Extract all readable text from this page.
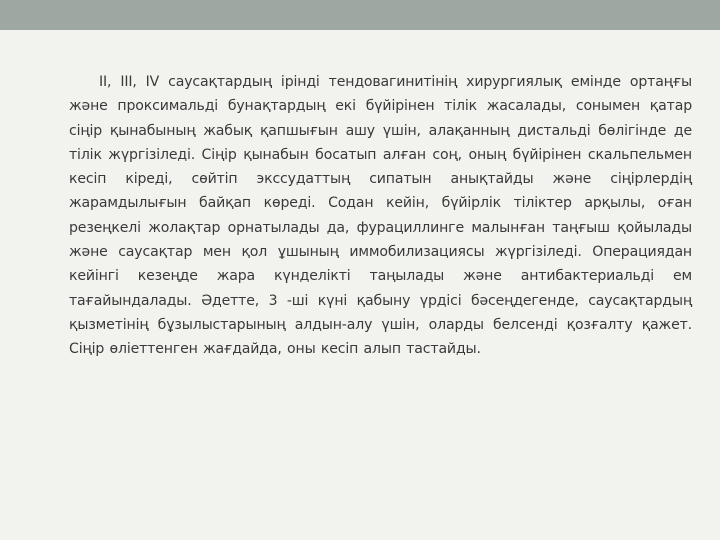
II, III, IV саусақтардың ірінді тендовагинитінің хирургиялық емінде ортаңғы және проксимальді бунақтардың екі бүйірінен тілік жасалады, сонымен қатар сіңір қынабының жабық қапшығын ашу үшін, алақанның дистальді бөлігінде де тілік жүргізіледі. Сіңір қынабын босатып алған соң, оның бүйірінен скальпельмен кесіп кіреді, сөйтіп экссудаттың сипатын анықтайды және сіңірлердің жарамдылығын байқап көреді. Содан кейін, бүйірлік тіліктер арқылы, оған резеңкелі жолақтар орнатылады да, фурациллинге малынған таңғыш қойылады және саусақтар мен қол ұшының иммобилизациясы жүргізіледі. Операциядан кейінгі кезеңде жара күнделікті таңылады және антибактериальді ем тағайындалады. Әдетте, 3 -ші күні қабыну үрдісі бәсеңдегенде, саусақтардың қызметінің бұзылыстарының алдын-алу үшін, оларды белсенді қозғалту қажет. Сіңір өліеттенген жағдайда, оны кесіп алып тастайды.
